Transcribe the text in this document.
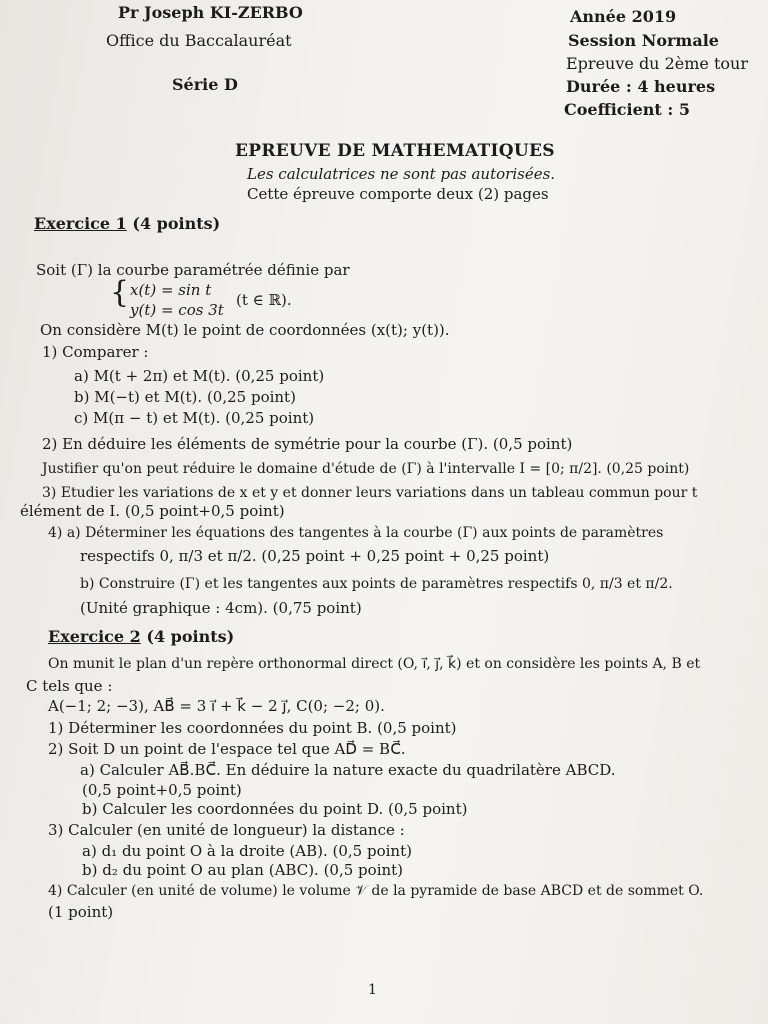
Pr Joseph KI-ZERBO
Office du Baccalauréat
Série D
Année 2019
Session Normale
Epreuve du 2ème tour
Durée : 4 heures
Coefficient : 5
EPREUVE DE MATHEMATIQUES
Les calculatrices ne sont pas autorisées.
Cette épreuve comporte deux (2) pages
Exercice 1 (4 points)
Soit (Γ) la courbe paramétrée définie par
{ x(t) = sin t
y(t) = cos 3t
(t ∈ ℝ).
On considère M(t) le point de coordonnées (x(t); y(t)).
1) Comparer :
a) M(t + 2π) et M(t). (0,25 point)
b) M(−t) et M(t). (0,25 point)
c) M(π − t) et M(t). (0,25 point)
2) En déduire les éléments de symétrie pour la courbe (Γ). (0,5 point)
Justifier qu'on peut réduire le domaine d'étude de (Γ) à l'intervalle I = [0; π/2]. (0,25 point)
3) Etudier les variations de x et y et donner leurs variations dans un tableau commun pour t
élément de I. (0,5 point+0,5 point)
4) a) Déterminer les équations des tangentes à la courbe (Γ) aux points de paramètres
respectifs 0, π/3 et π/2. (0,25 point + 0,25 point + 0,25 point)
b) Construire (Γ) et les tangentes aux points de paramètres respectifs 0, π/3 et π/2.
(Unité graphique : 4cm). (0,75 point)
Exercice 2 (4 points)
On munit le plan d'un repère orthonormal direct (O, i⃗, j⃗, k⃗) et on considère les points A, B et
C tels que :
A(−1; 2; −3), AB⃗ = 3 i⃗ + k⃗ − 2 j⃗, C(0; −2; 0).
1) Déterminer les coordonnées du point B. (0,5 point)
2) Soit D un point de l'espace tel que AD⃗ = BC⃗.
a) Calculer AB⃗.BC⃗. En déduire la nature exacte du quadrilatère ABCD.
(0,5 point+0,5 point)
b) Calculer les coordonnées du point D. (0,5 point)
3) Calculer (en unité de longueur) la distance :
a) d₁ du point O à la droite (AB). (0,5 point)
b) d₂ du point O au plan (ABC). (0,5 point)
4) Calculer (en unité de volume) le volume 𝒱 de la pyramide de base ABCD et de sommet O.
(1 point)
1
